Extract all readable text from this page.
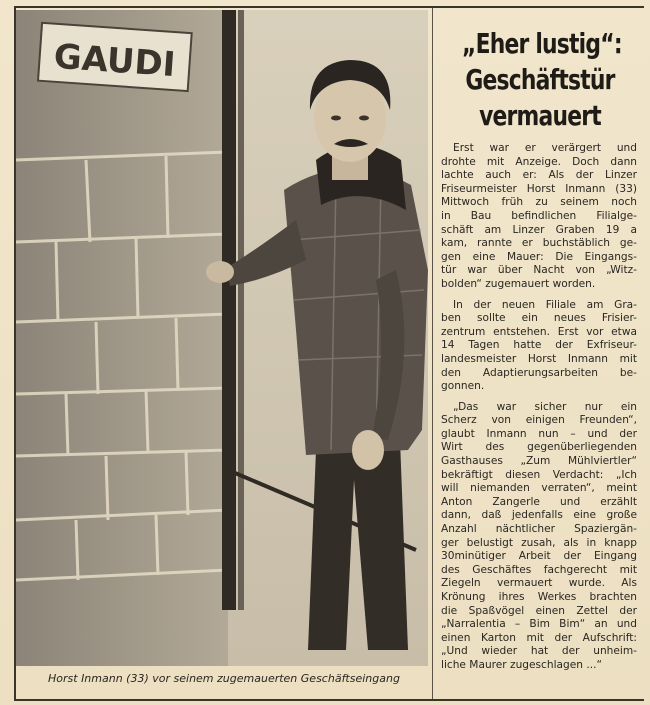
GAUDI
Horst Inmann (33) vor seinem zugemauerten Geschäftseingang
„Eher lustig“:
Geschäftstür
vermauert
Erst war er verärgert und
drohte mit Anzeige. Doch dann
lachte auch er: Als der Linzer
Friseurmeister Horst Inmann (33)
Mittwoch früh zu seinem noch
in Bau befindlichen Filialge-
schäft am Linzer Graben 19 a
kam, rannte er buchstäblich ge-
gen eine Mauer: Die Eingangs-
tür war über Nacht von „Witz-
bolden“ zugemauert worden.
In der neuen Filiale am Gra-
ben sollte ein neues Frisier-
zentrum entstehen. Erst vor etwa
14 Tagen hatte der Exfriseur-
landesmeister Horst Inmann mit
den Adaptierungsarbeiten be-
gonnen.
„Das war sicher nur ein
Scherz von einigen Freunden“,
glaubt Inmann nun – und der
Wirt des gegenüberliegenden
Gasthauses „Zum Mühlviertler“
bekräftigt diesen Verdacht: „Ich
will niemanden verraten“, meint
Anton Zangerle und erzählt
dann, daß jedenfalls eine große
Anzahl nächtlicher Spaziergän-
ger belustigt zusah, als in knapp
30minütiger Arbeit der Eingang
des Geschäftes fachgerecht mit
Ziegeln vermauert wurde. Als
Krönung ihres Werkes brachten
die Spaßvögel einen Zettel der
„Narralentia – Bim Bim“ an und
einen Karton mit der Aufschrift:
„Und wieder hat der unheim-
liche Maurer zugeschlagen ...“
